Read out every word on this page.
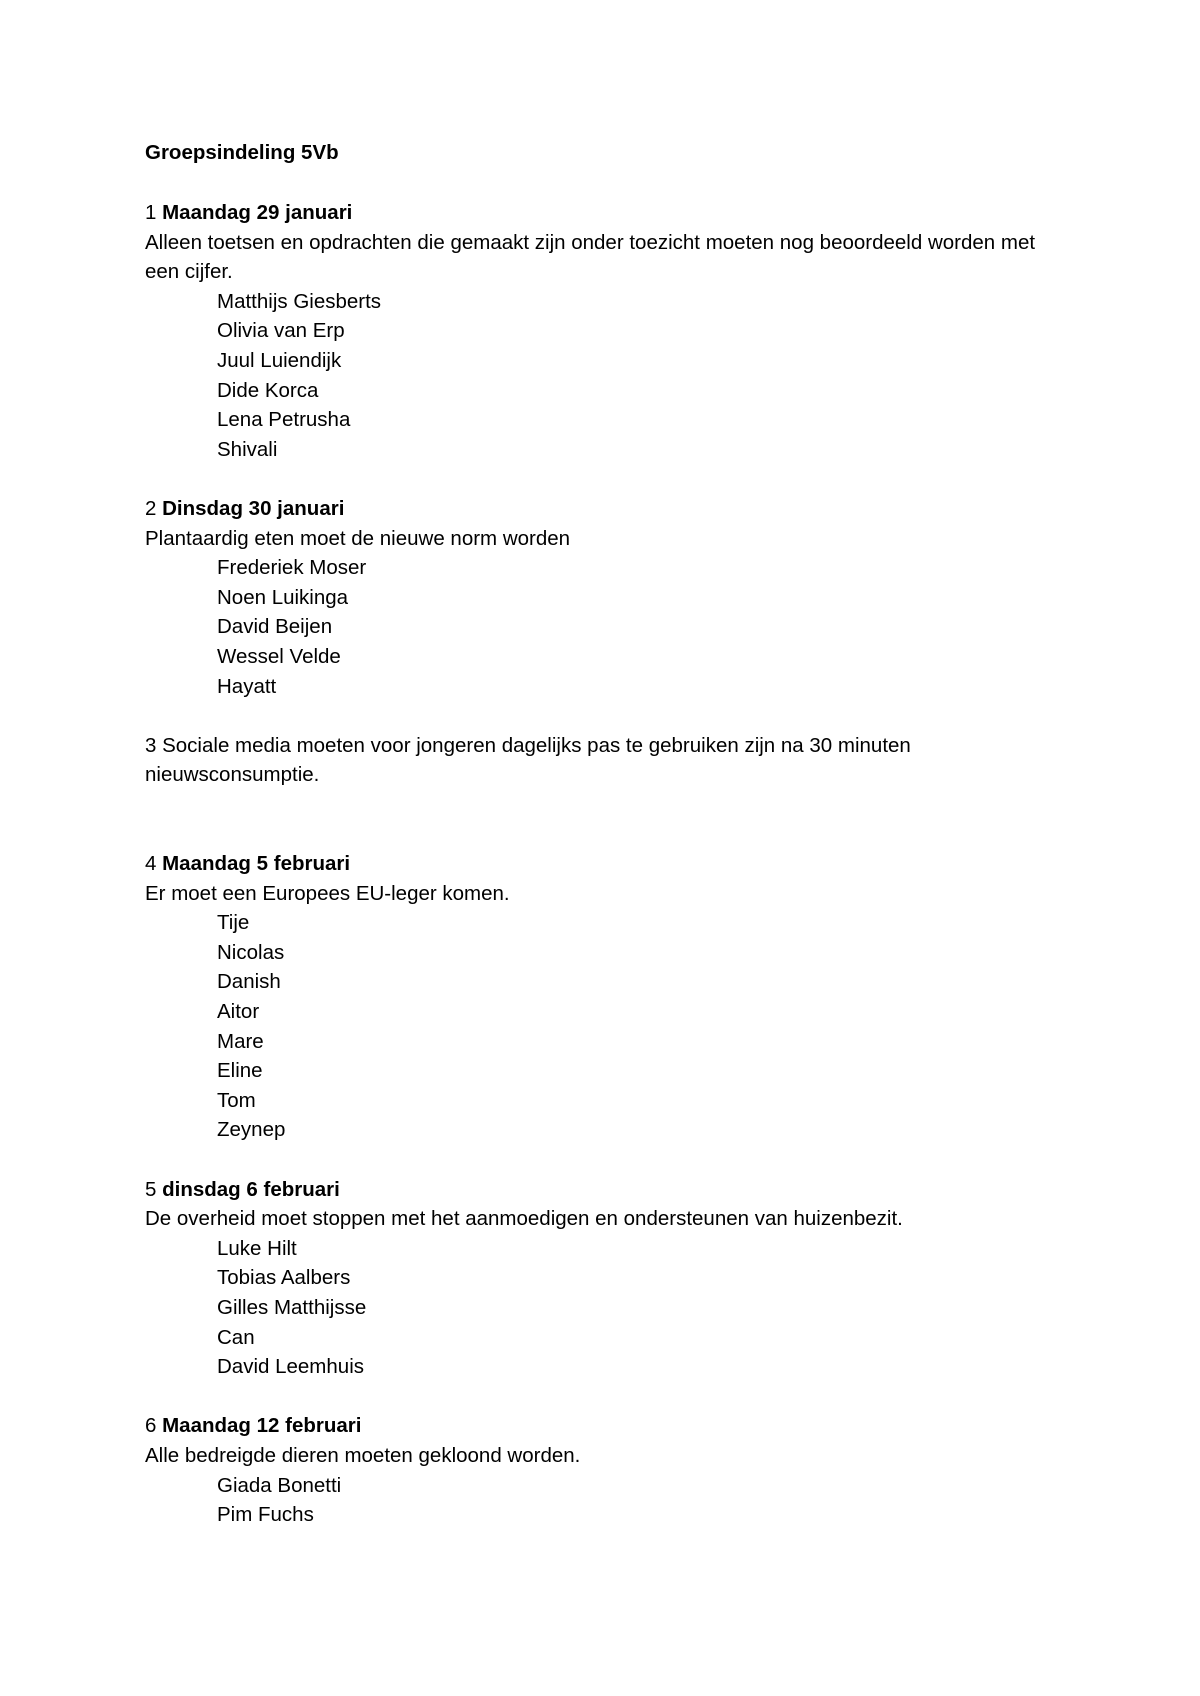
Groepsindeling 5Vb

1 Maandag 29 januari

Alleen toetsen en opdrachten die gemaakt zijn onder toezicht moeten nog beoordeeld worden met een cijfer.

Matthijs Giesberts
Olivia van Erp
Juul Luiendijk
Dide Korca
Lena Petrusha
Shivali

2 Dinsdag 30 januari

Plantaardig eten moet de nieuwe norm worden

Frederiek Moser
Noen Luikinga
David Beijen
Wessel Velde
Hayatt

3 Sociale media moeten voor jongeren dagelijks pas te gebruiken zijn na 30 minuten nieuwsconsumptie.

4 Maandag 5 februari

Er moet een Europees EU-leger komen.

Tije
Nicolas
Danish
Aitor
Mare
Eline
Tom
Zeynep

5 dinsdag 6 februari

De overheid moet stoppen met het aanmoedigen en ondersteunen van huizenbezit.

Luke Hilt
Tobias Aalbers
Gilles Matthijsse
Can
David Leemhuis

6 Maandag 12 februari

Alle bedreigde dieren moeten gekloond worden.

Giada Bonetti
Pim Fuchs
